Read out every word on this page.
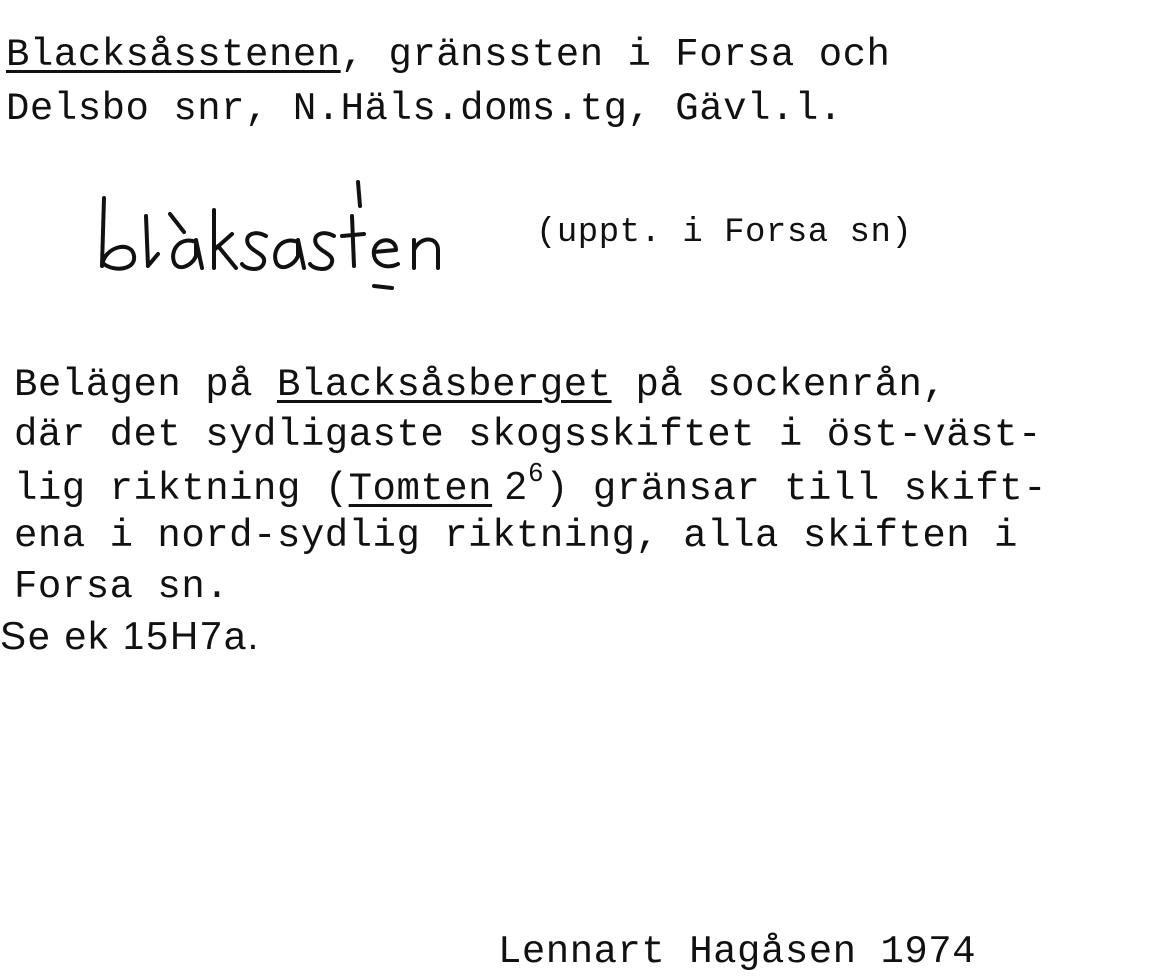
Blacksåsstenen, gränssten i Forsa och
Delsbo snr, N.Häls.doms.tg, Gävl.l.
(uppt. i Forsa sn)
Belägen på Blacksåsberget på sockenrån,
där det sydligaste skogsskiftet i öst-väst-
lig riktning (Tomten 2$^6$) gränsar till skift-
ena i nord-sydlig riktning, alla skiften i
Forsa sn.
Se ek 15H7a.
Lennart Hagåsen 1974
